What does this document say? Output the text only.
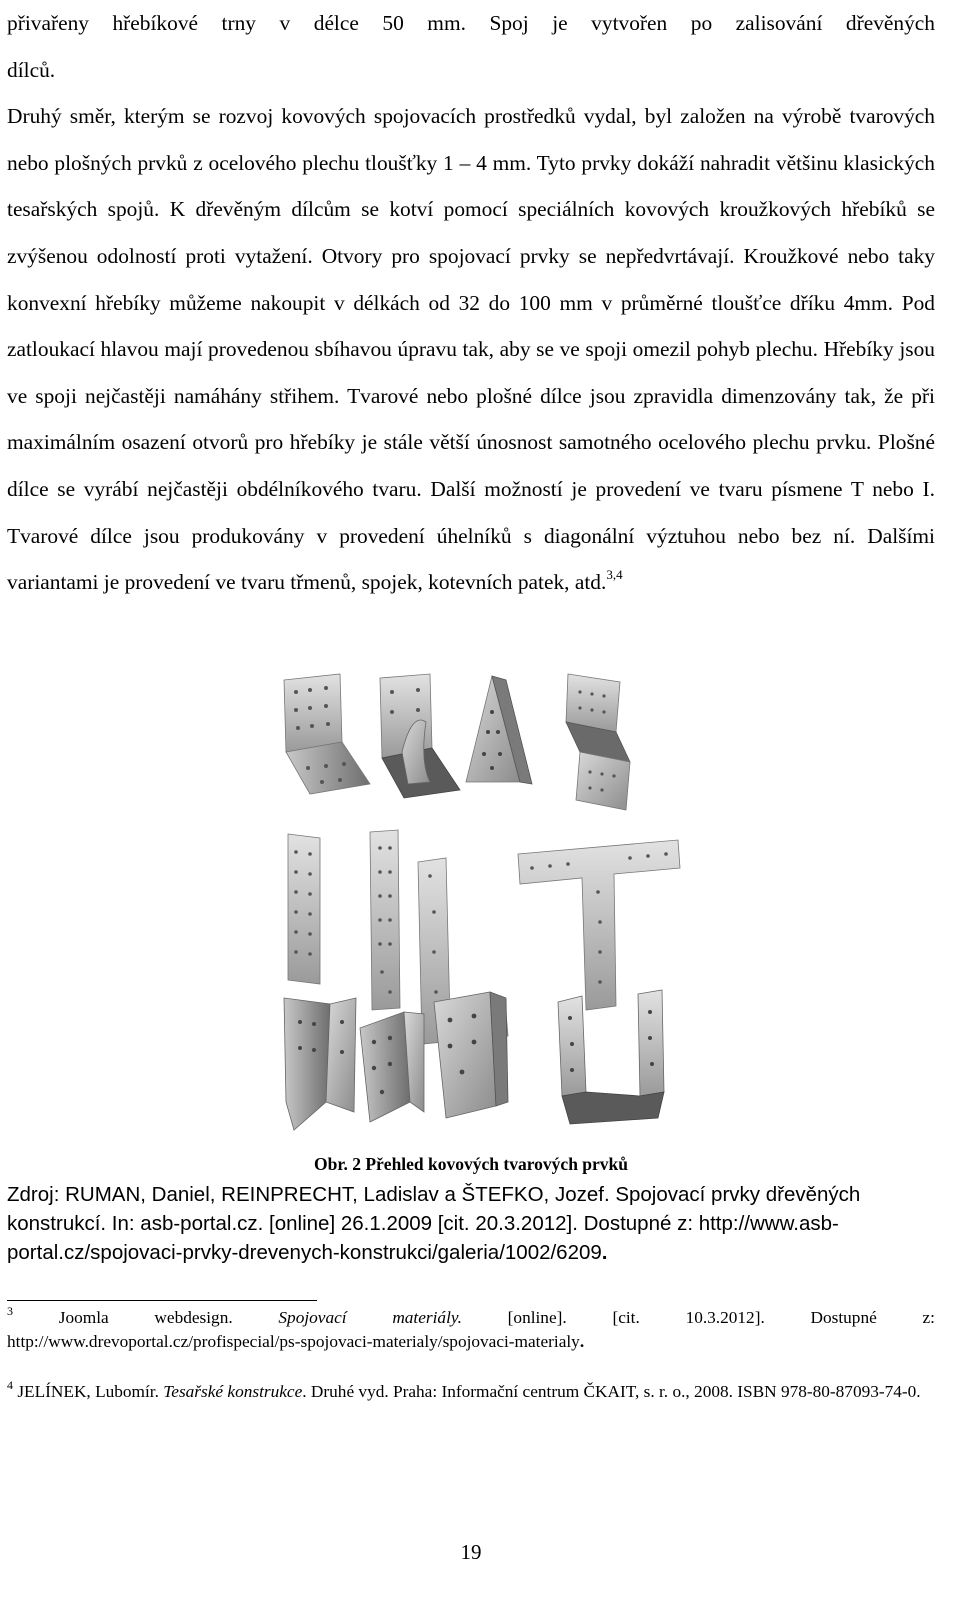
přivařeny hřebíkové trny v délce 50 mm. Spoj je vytvořen po zalisování dřevěných

dílců.

Druhý směr, kterým se rozvoj kovových spojovacích prostředků vydal, byl založen na výrobě tvarových nebo plošných prvků z ocelového plechu tloušťky 1 – 4 mm. Tyto prvky dokáží nahradit většinu klasických tesařských spojů. K dřevěným dílcům se kotví pomocí speciálních kovových kroužkových hřebíků se zvýšenou odolností proti vytažení. Otvory pro spojovací prvky se nepředvrtávají. Kroužkové nebo taky konvexní hřebíky můžeme nakoupit v délkách od 32 do 100 mm v průměrné tloušťce dříku 4mm. Pod zatloukací hlavou mají provedenou sbíhavou úpravu tak, aby se ve spoji omezil pohyb plechu. Hřebíky jsou ve spoji nejčastěji namáhány střihem. Tvarové nebo plošné dílce jsou zpravidla dimenzovány tak, že při maximálním osazení otvorů pro hřebíky je stále větší únosnost samotného ocelového plechu prvku. Plošné dílce se vyrábí nejčastěji obdélníkového tvaru. Další možností je provedení ve tvaru písmene T nebo I. Tvarové dílce jsou produkovány v provedení úhelníků s diagonální výztuhou nebo bez ní. Dalšími variantami je provedení ve tvaru třmenů, spojek, kotevních patek, atd.$^{3,4}$

Obr. 2 Přehled kovových tvarových prvků
Zdroj: RUMAN, Daniel, REINPRECHT, Ladislav a ŠTEFKO, Jozef. Spojovací prvky dřevěných konstrukcí. In: asb-portal.cz. [online] 26.1.2009 [cit. 20.3.2012]. Dostupné z: http://www.asb-portal.cz/spojovaci-prvky-drevenych-konstrukci/galeria/1002/6209.
$^3$	Joomla	webdesign.	Spojovací	materiály.	[online].	[cit.	10.3.2012].	Dostupné	z:
http://www.drevoportal.cz/profispecial/ps-spojovaci-materialy/spojovaci-materialy.
$^4$ JELÍNEK, Lubomír. Tesařské konstrukce. Druhé vyd. Praha: Informační centrum ČKAIT, s. r. o., 2008. ISBN 978-80-87093-74-0.
19
